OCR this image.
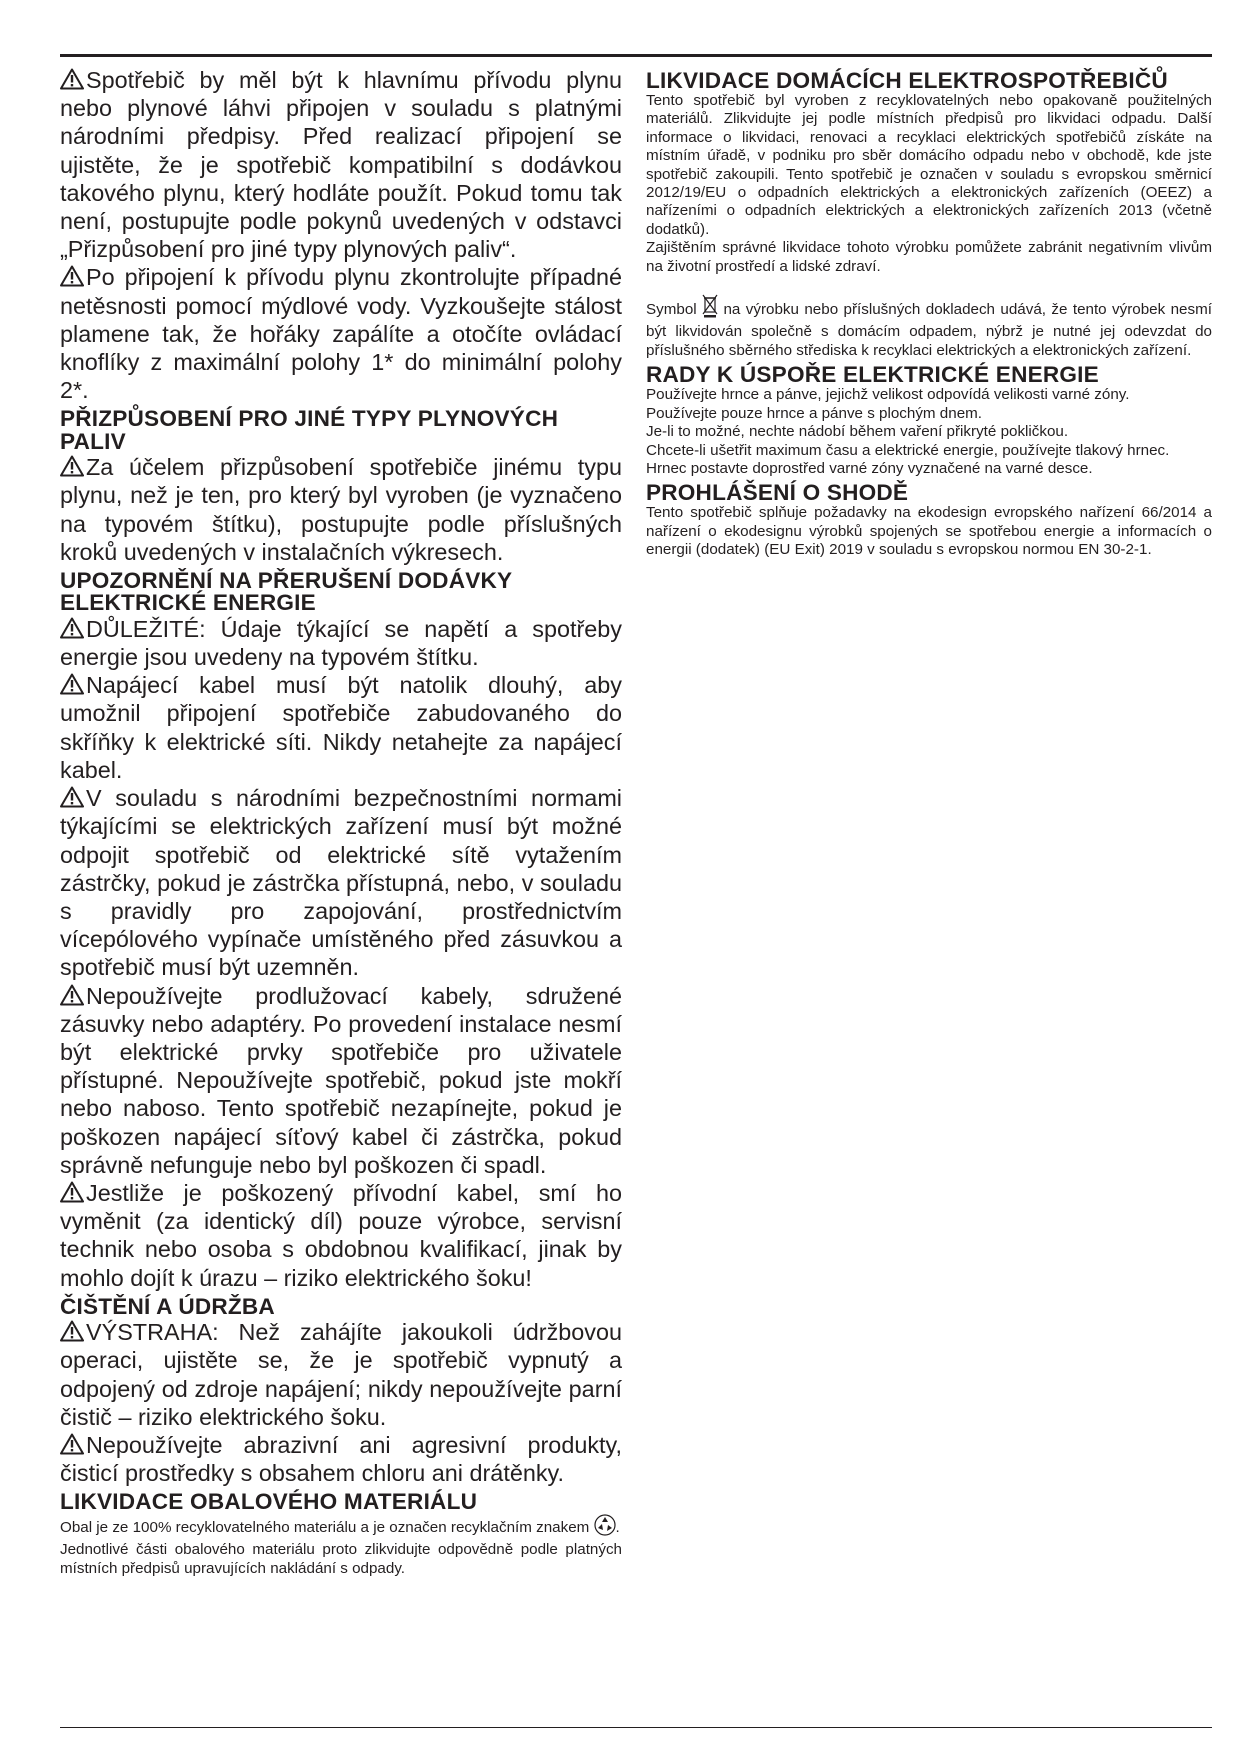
Spotřebič by měl být k hlavnímu přívodu plynu nebo plynové láhvi připojen v souladu s platnými národními předpisy. Před realizací připojení se ujistěte, že je spotřebič kompatibilní s dodávkou takového plynu, který hodláte použít. Pokud tomu tak není, postupujte podle pokynů uvedených v odstavci „Přizpůsobení pro jiné typy plynových paliv“.

Po připojení k přívodu plynu zkontrolujte případné netěsnosti pomocí mýdlové vody. Vyzkoušejte stálost plamene tak, že hořáky zapálíte a otočíte ovládací knoflíky z maximální polohy 1* do minimální polohy 2*.

PŘIZPŮSOBENÍ PRO JINÉ TYPY PLYNOVÝCH PALIV

Za účelem přizpůsobení spotřebiče jinému typu plynu, než je ten, pro který byl vyroben (je vyznačeno na typovém štítku), postupujte podle příslušných kroků uvedených v instalačních výkresech.

UPOZORNĚNÍ NA PŘERUŠENÍ DODÁVKY ELEKTRICKÉ ENERGIE

DŮLEŽITÉ: Údaje týkající se napětí a spotřeby energie jsou uvedeny na typovém štítku.

Napájecí kabel musí být natolik dlouhý, aby umožnil připojení spotřebiče zabudovaného do skříňky k elektrické síti. Nikdy netahejte za napájecí kabel.

V souladu s národními bezpečnostními normami týkajícími se elektrických zařízení musí být možné odpojit spotřebič od elektrické sítě vytažením zástrčky, pokud je zástrčka přístupná, nebo, v souladu s pravidly pro zapojování, prostřednictvím vícepólového vypínače umístěného před zásuvkou a spotřebič musí být uzemněn.

Nepoužívejte prodlužovací kabely, sdružené zásuvky nebo adaptéry. Po provedení instalace nesmí být elektrické prvky spotřebiče pro uživatele přístupné. Nepoužívejte spotřebič, pokud jste mokří nebo naboso. Tento spotřebič nezapínejte, pokud je poškozen napájecí síťový kabel či zástrčka, pokud správně nefunguje nebo byl poškozen či spadl.

Jestliže je poškozený přívodní kabel, smí ho vyměnit (za identický díl) pouze výrobce, servisní technik nebo osoba s obdobnou kvalifikací, jinak by mohlo dojít k úrazu – riziko elektrického šoku!

ČIŠTĚNÍ A ÚDRŽBA

VÝSTRAHA: Než zahájíte jakoukoli údržbovou operaci, ujistěte se, že je spotřebič vypnutý a odpojený od zdroje napájení; nikdy nepoužívejte parní čistič – riziko elektrického šoku.

Nepoužívejte abrazivní ani agresivní produkty, čisticí prostředky s obsahem chloru ani drátěnky.

LIKVIDACE OBALOVÉHO MATERIÁLU

Obal je ze 100% recyklovatelného materiálu a je označen recyklačním znakem .

Jednotlivé části obalového materiálu proto zlikvidujte odpovědně podle platných místních předpisů upravujících nakládání s odpady.

LIKVIDACE DOMÁCÍCH ELEKTROSPOTŘEBIČŮ

Tento spotřebič byl vyroben z recyklovatelných nebo opakovaně použitelných materiálů. Zlikvidujte jej podle místních předpisů pro likvidaci odpadu. Další informace o likvidaci, renovaci a recyklaci elektrických spotřebičů získáte na místním úřadě, v podniku pro sběr domácího odpadu nebo v obchodě, kde jste spotřebič zakoupili. Tento spotřebič je označen v souladu s evropskou směrnicí 2012/19/EU o odpadních elektrických a elektronických zařízeních (OEEZ) a nařízeními o odpadních elektrických a elektronických zařízeních 2013 (včetně dodatků).

Zajištěním správné likvidace tohoto výrobku pomůžete zabránit negativním vlivům na životní prostředí a lidské zdraví.

Symbol na výrobku nebo příslušných dokladech udává, že tento výrobek nesmí být likvidován společně s domácím odpadem, nýbrž je nutné jej odevzdat do příslušného sběrného střediska k recyklaci elektrických a elektronických zařízení.

RADY K ÚSPOŘE ELEKTRICKÉ ENERGIE

Používejte hrnce a pánve, jejichž velikost odpovídá velikosti varné zóny.

Používejte pouze hrnce a pánve s plochým dnem.

Je-li to možné, nechte nádobí během vaření přikryté pokličkou.

Chcete-li ušetřit maximum času a elektrické energie, používejte tlakový hrnec.

Hrnec postavte doprostřed varné zóny vyznačené na varné desce.

PROHLÁŠENÍ O SHODĚ

Tento spotřebič splňuje požadavky na ekodesign evropského nařízení 66/2014 a nařízení o ekodesignu výrobků spojených se spotřebou energie a informacích o energii (dodatek) (EU Exit) 2019 v souladu s evropskou normou EN 30-2-1.
